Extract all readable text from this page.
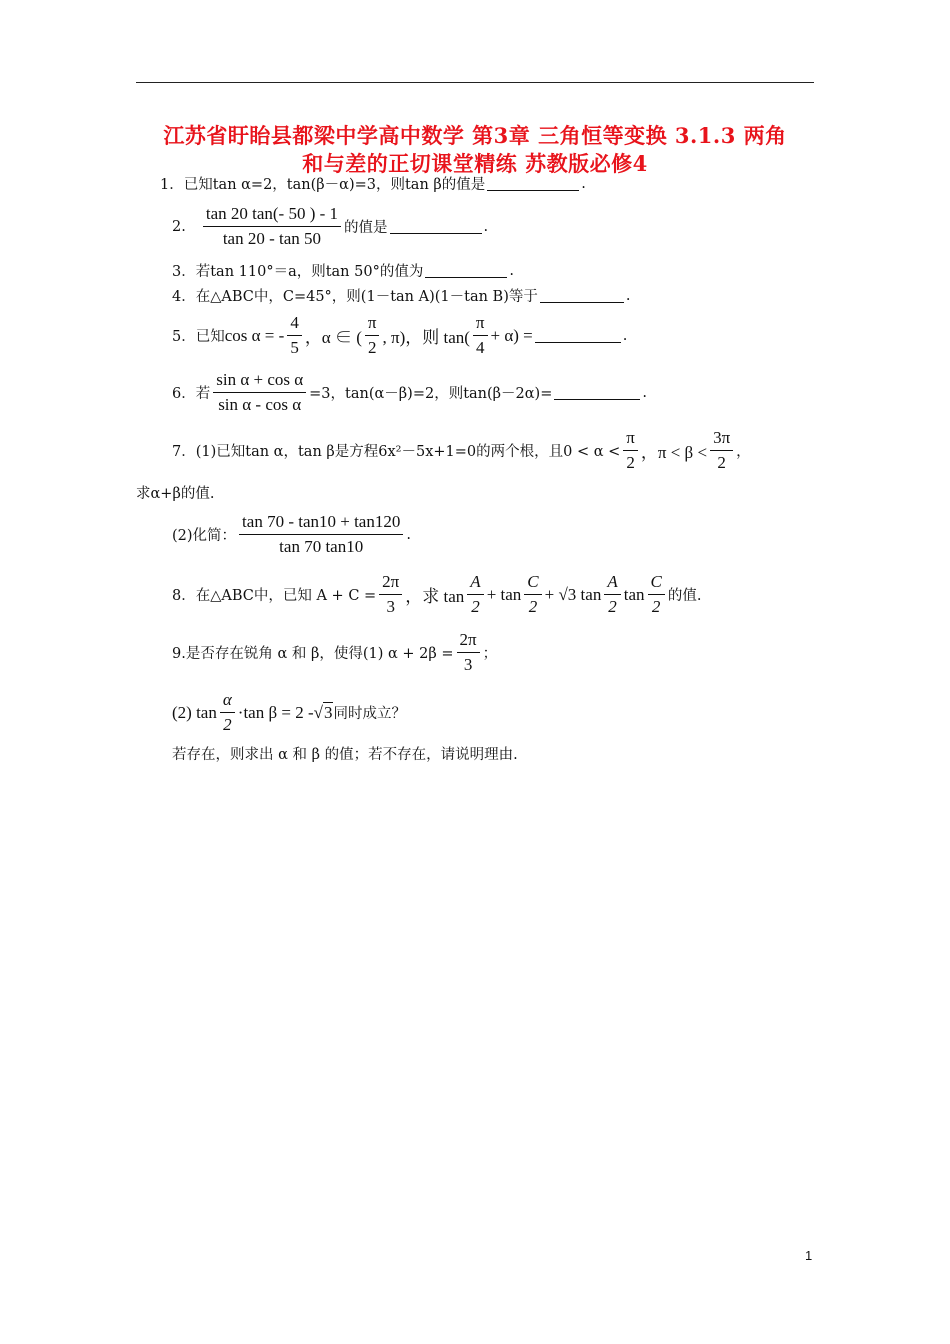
江苏省盱眙县都梁中学高中数学 第3章 三角恒等变换 3.1.3 两角
和与差的正切课堂精练 苏教版必修4
1．已知tan α=2，tan(β－α)=3，则tan β的值是	.
2. $\frac{\tan 20 \tan(- 50 ) - 1}{\tan 20 - \tan 50}$ 的值是	.
3．若tan 110°＝a，则tan 50°的值为	.
4．在△ABC中，C=45°，则(1－tan A)(1－tan B)等于	.
5．已知 cos α = - $\frac{4}{5}$ ，α ∈ ( $\frac{\pi}{2}$ , π)，则 $\tan( \frac{\pi}{4} + \alpha)$ =	.
6．若 $\frac{\text{sin α + cos α}}{\text{sin α - cos α}} =3$，tan(α－β)=2，则tan(β－2α)=	.
7．(1)已知tan α，tan β是方程6x²－5x+1=0的两个根，且$0 < \alpha < \frac{\pi}{2}$ ，$\pi < \beta < \frac{3\pi}{2}$ ，
求α+β的值.
(2)化简： $\frac{\tan 70 - \tan 10 + \tan 120}{\tan 70 \tan 10}$ .
8．在△ABC中，已知 $A + C = \frac{2\pi}{3}$ ，求 $\tan \frac{A}{2} + \tan \frac{C}{2} + √3$ $\tan \frac{A}{2}$ $\tan \frac{C}{2}$ 的值.
9.是否存在锐角 α 和 β，使得(1) $\alpha + 2\beta = \frac{2\pi}{3}$ ；
(2) $\tan \frac{\alpha}{2} \cdot\tan$ β = 2 - √ 3 同时成立？
若存在，则求出 α 和 β 的值；若不存在，请说明理由.
1
